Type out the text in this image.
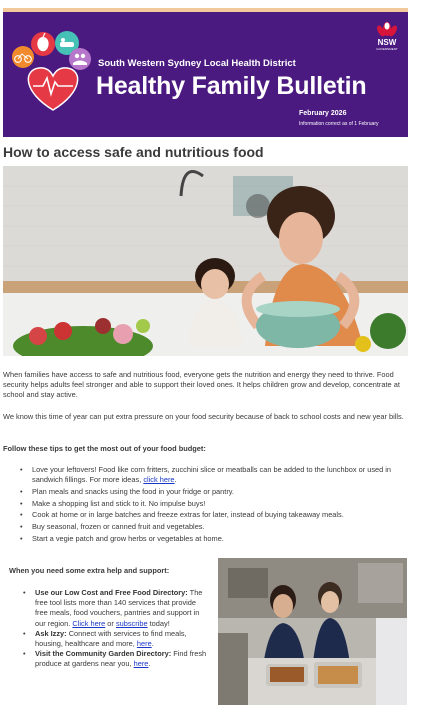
South Western Sydney Local Health District
Healthy Family Bulletin
February 2026
Information correct as of 1 February
NSW
GOVERNMENT
How to access safe and nutritious food
When families have access to safe and nutritious food, everyone gets the nutrition and energy they need to thrive. Food security helps adults feel stronger and able to support their loved ones. It helps children grow and develop, concentrate at school and stay active.
We know this time of year can put extra pressure on your food security because of back to school costs and new year bills.
Follow these tips to get the most out of your food budget:
• Love your leftovers! Food like corn fritters, zucchini slice or meatballs can be added to the lunchbox or used in sandwich fillings. For more ideas, click here.
• Plan meals and snacks using the food in your fridge or pantry.
• Make a shopping list and stick to it. No impulse buys!
• Cook at home or in large batches and freeze extras for later, instead of buying takeaway meals.
• Buy seasonal, frozen or canned fruit and vegetables.
• Start a vegie patch and grow herbs or vegetables at home.
When you need some extra help and support:
• Use our Low Cost and Free Food Directory: The free tool lists more than 140 services that provide free meals, food vouchers, pantries and support in our region. Click here or subscribe today!
• Ask Izzy: Connect with services to find meals, housing, healthcare and more, here.
• Visit the Community Garden Directory: Find fresh produce at gardens near you, here.
